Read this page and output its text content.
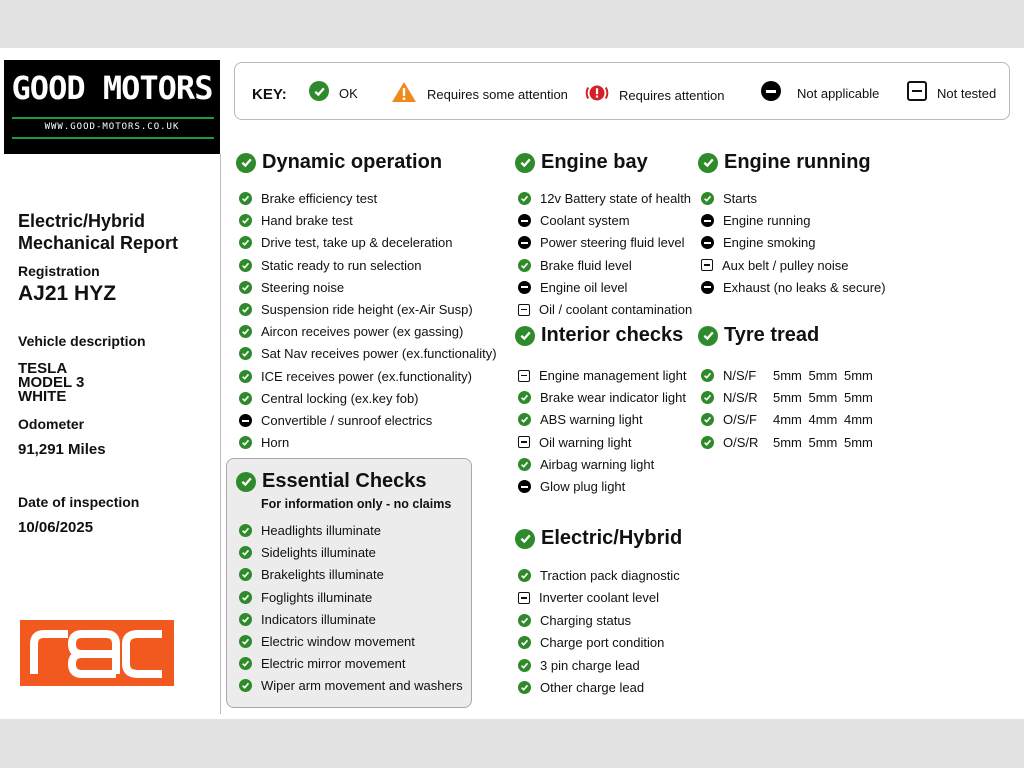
GOOD MOTORS
WWW.GOOD-MOTORS.CO.UK
Electric/Hybrid
Mechanical Report
Registration
AJ21 HYZ
Vehicle description
TESLA
MODEL 3
WHITE
Odometer
91,291 Miles
Date of inspection
10/06/2025
KEY:	OK	Requires some attention	Requires attention	Not applicable	Not tested
Dynamic operation
Essential Checks
For information only - no claims
Engine bay
Interior checks
Electric/Hybrid
Engine running
Tyre tread
Brake efficiency test
Hand brake test
Drive test, take up & deceleration
Static ready to run selection
Steering noise
Suspension ride height (ex-Air Susp)
Aircon receives power (ex gassing)
Sat Nav receives power (ex.functionality)
ICE receives power (ex.functionality)
Central locking (ex.key fob)
Convertible / sunroof electrics
Horn
Headlights illuminate
Sidelights illuminate
Brakelights illuminate
Foglights illuminate
Indicators illuminate
Electric window movement
Electric mirror movement
Wiper arm movement and washers
12v Battery state of health
Coolant system
Power steering fluid level
Brake fluid level
Engine oil level
Oil / coolant contamination
Engine management light
Brake wear indicator light
ABS warning light
Oil warning light
Airbag warning light
Glow plug light
Traction pack diagnostic
Inverter coolant level
Charging status
Charge port condition
3 pin charge lead
Other charge lead
Starts
Engine running
Engine smoking
Aux belt / pulley noise
Exhaust (no leaks & secure)
N/S/F 5mm 5mm 5mm
N/S/R 5mm 5mm 5mm
O/S/F 4mm 4mm 4mm
O/S/R 5mm 5mm 5mm
